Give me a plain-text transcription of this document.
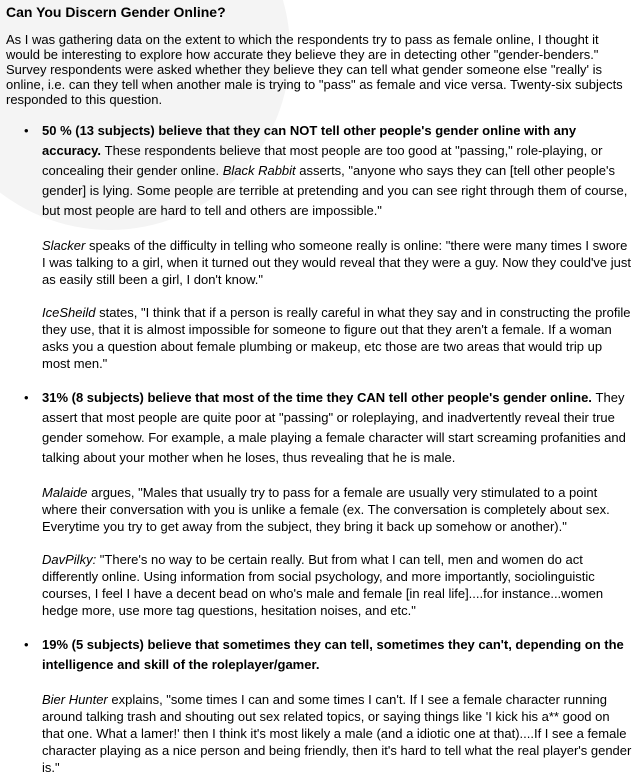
Can You Discern Gender Online?

As I was gathering data on the extent to which the respondents try to pass as female online, I thought it would be interesting to explore how accurate they believe they are in detecting other "gender-benders." Survey respondents were asked whether they believe they can tell what gender someone else "really' is online, i.e. can they tell when another male is trying to "pass" as female and vice versa. Twenty-six subjects responded to this question.

• 50 % (13 subjects) believe that they can NOT tell other people's gender online with any accuracy. These respondents believe that most people are too good at "passing," role-playing, or concealing their gender online. Black Rabbit asserts, "anyone who says they can [tell other people's gender] is lying. Some people are terrible at pretending and you can see right through them of course, but most people are hard to tell and others are impossible."
Slacker speaks of the difficulty in telling who someone really is online: "there were many times I swore I was talking to a girl, when it turned out they would reveal that they were a guy. Now they could've just as easily still been a girl, I don't know."
IceSheild states, "I think that if a person is really careful in what they say and in constructing the profile they use, that it is almost impossible for someone to figure out that they aren't a female. If a woman asks you a question about female plumbing or makeup, etc those are two areas that would trip up most men."
• 31% (8 subjects) believe that most of the time they CAN tell other people's gender online. They assert that most people are quite poor at "passing" or roleplaying, and inadvertently reveal their true gender somehow. For example, a male playing a female character will start screaming profanities and talking about your mother when he loses, thus revealing that he is male.
Malaide argues, "Males that usually try to pass for a female are usually very stimulated to a point where their conversation with you is unlike a female (ex. The conversation is completely about sex. Everytime you try to get away from the subject, they bring it back up somehow or another)."
DavPilky: "There's no way to be certain really. But from what I can tell, men and women do act differently online. Using information from social psychology, and more importantly, sociolinguistic courses, I feel I have a decent bead on who's male and female [in real life]....for instance...women hedge more, use more tag questions, hesitation noises, and etc."
• 19% (5 subjects) believe that sometimes they can tell, sometimes they can't, depending on the intelligence and skill of the roleplayer/gamer.
Bier Hunter explains, "some times I can and some times I can't. If I see a female character running around talking trash and shouting out sex related topics, or saying things like 'I kick his a** good on that one. What a lamer!' then I think it's most likely a male (and a idiotic one at that)....If I see a female character playing as a nice person and being friendly, then it's hard to tell what the real player's gender is."
